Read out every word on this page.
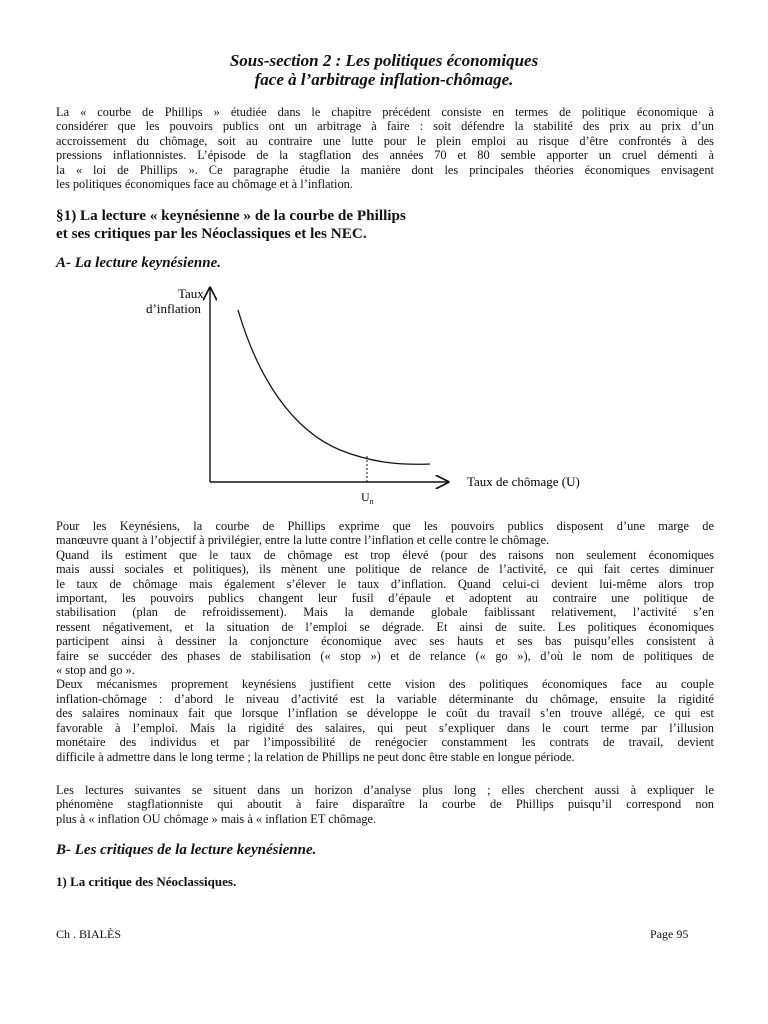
Sous-section 2 : Les politiques économiques
face à l’arbitrage inflation-chômage.
La « courbe de Phillips » étudiée dans le chapitre précédent consiste en termes de politique économique à
considérer que les pouvoirs publics ont un arbitrage à faire : soit défendre la stabilité des prix au prix d’un
accroissement du chômage, soit au contraire une lutte pour le plein emploi au risque d’être confrontés à des
pressions inflationnistes. L’épisode de la stagflation des années 70 et 80 semble apporter un cruel démenti à
la « loi de Phillips ». Ce paragraphe étudie la manière dont les principales théories économiques envisagent
les politiques économiques face au chômage et à l’inflation.
§1) La lecture « keynésienne » de la courbe de Phillips
et ses critiques par les Néoclassiques et les NEC.
A- La lecture keynésienne.
Taux
d’inflation
Taux de chômage (U)
$U_n$
Pour les Keynésiens, la courbe de Phillips exprime que les pouvoirs publics disposent d’une marge de
manœuvre quant à l’objectif à privilégier, entre la lutte contre l’inflation et celle contre le chômage.
Quand ils estiment que le taux de chômage est trop élevé (pour des raisons non seulement économiques
mais aussi sociales et politiques), ils mènent une politique de relance de l’activité, ce qui fait certes diminuer
le taux de chômage mais également s’élever le taux d’inflation. Quand celui-ci devient lui-même alors trop
important, les pouvoirs publics changent leur fusil d’épaule et adoptent au contraire une politique de
stabilisation (plan de refroidissement). Mais la demande globale faiblissant relativement, l’activité s’en
ressent négativement, et la situation de l’emploi se dégrade. Et ainsi de suite. Les politiques économiques
participent ainsi à dessiner la conjoncture économique avec ses hauts et ses bas puisqu’elles consistent à
faire se succéder des phases de stabilisation (« stop ») et de relance (« go »), d’où le nom de politiques de
« stop and go ».
Deux mécanismes proprement keynésiens justifient cette vision des politiques économiques face au couple
inflation-chômage : d’abord le niveau d’activité est la variable déterminante du chômage, ensuite la rigidité
des salaires nominaux fait que lorsque l’inflation se développe le coût du travail s’en trouve allégé, ce qui est
favorable à l’emploi. Mais la rigidité des salaires, qui peut s’expliquer dans le court terme par l’illusion
monétaire des individus et par l’impossibilité de renégocier constamment les contrats de travail, devient
difficile à admettre dans le long terme ; la relation de Phillips ne peut donc être stable en longue période.
Les lectures suivantes se situent dans un horizon d’analyse plus long ; elles cherchent aussi à expliquer le
phénomène stagflationniste qui aboutit à faire disparaître la courbe de Phillips puisqu’il correspond non
plus à « inflation OU chômage » mais à « inflation ET chômage.
B- Les critiques de la lecture keynésienne.
1) La critique des Néoclassiques.
Ch . BIALÈS	Page 95
